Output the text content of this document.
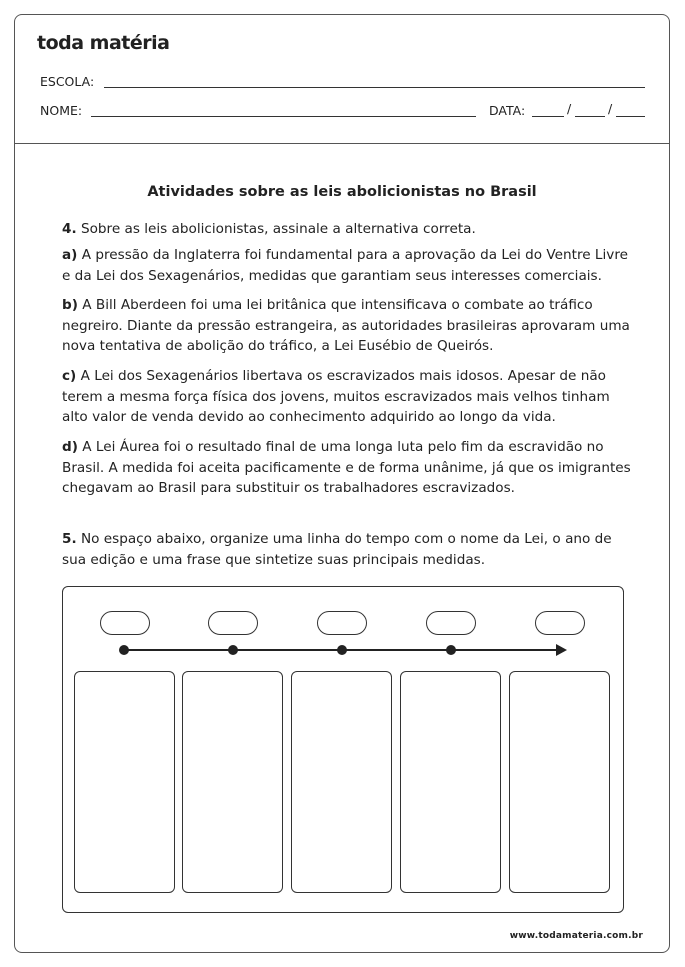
toda matéria
ESCOLA:
NOME:	DATA:	/	/
Atividades sobre as leis abolicionistas no Brasil

4. Sobre as leis abolicionistas, assinale a alternativa correta.

a) A pressão da Inglaterra foi fundamental para a aprovação da Lei do Ventre Livre e da Lei dos Sexagenários, medidas que garantiam seus interesses comerciais.

b) A Bill Aberdeen foi uma lei britânica que intensificava o combate ao tráfico negreiro. Diante da pressão estrangeira, as autoridades brasileiras aprovaram uma nova tentativa de abolição do tráfico, a Lei Eusébio de Queirós.

c) A Lei dos Sexagenários libertava os escravizados mais idosos. Apesar de não terem a mesma força física dos jovens, muitos escravizados mais velhos tinham alto valor de venda devido ao conhecimento adquirido ao longo da vida.

d) A Lei Áurea foi o resultado final de uma longa luta pelo fim da escravidão no Brasil. A medida foi aceita pacificamente e de forma unânime, já que os imigrantes chegavam ao Brasil para substituir os trabalhadores escravizados.

5. No espaço abaixo, organize uma linha do tempo com o nome da Lei, o ano de sua edição e uma frase que sintetize suas principais medidas.

www.todamateria.com.br
